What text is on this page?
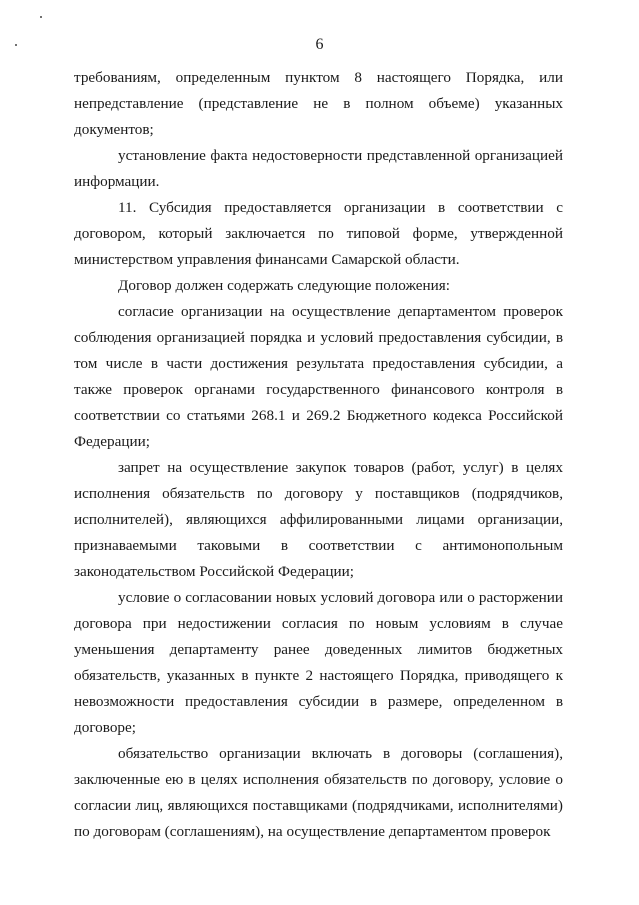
6

требованиям, определенным пунктом 8 настоящего Порядка, или непредставление (представление не в полном объеме) указанных документов;

установление факта недостоверности представленной организацией информации.

11. Субсидия предоставляется организации в соответствии с договором, который заключается по типовой форме, утвержденной министерством управления финансами Самарской области.

Договор должен содержать следующие положения:

согласие организации на осуществление департаментом проверок соблюдения организацией порядка и условий предоставления субсидии, в том числе в части достижения результата предоставления субсидии, а также проверок органами государственного финансового контроля в соответствии со статьями 268.1 и 269.2 Бюджетного кодекса Российской Федерации;

запрет на осуществление закупок товаров (работ, услуг) в целях исполнения обязательств по договору у поставщиков (подрядчиков, исполнителей), являющихся аффилированными лицами организации, признаваемыми таковыми в соответствии с антимонопольным законодательством Российской Федерации;

условие о согласовании новых условий договора или о расторжении договора при недостижении согласия по новым условиям в случае уменьшения департаменту ранее доведенных лимитов бюджетных обязательств, указанных в пункте 2 настоящего Порядка, приводящего к невозможности предоставления субсидии в размере, определенном в договоре;

обязательство организации включать в договоры (соглашения), заключенные ею в целях исполнения обязательств по договору, условие о согласии лиц, являющихся поставщиками (подрядчиками, исполнителями) по договорам (соглашениям), на осуществление департаментом проверок
